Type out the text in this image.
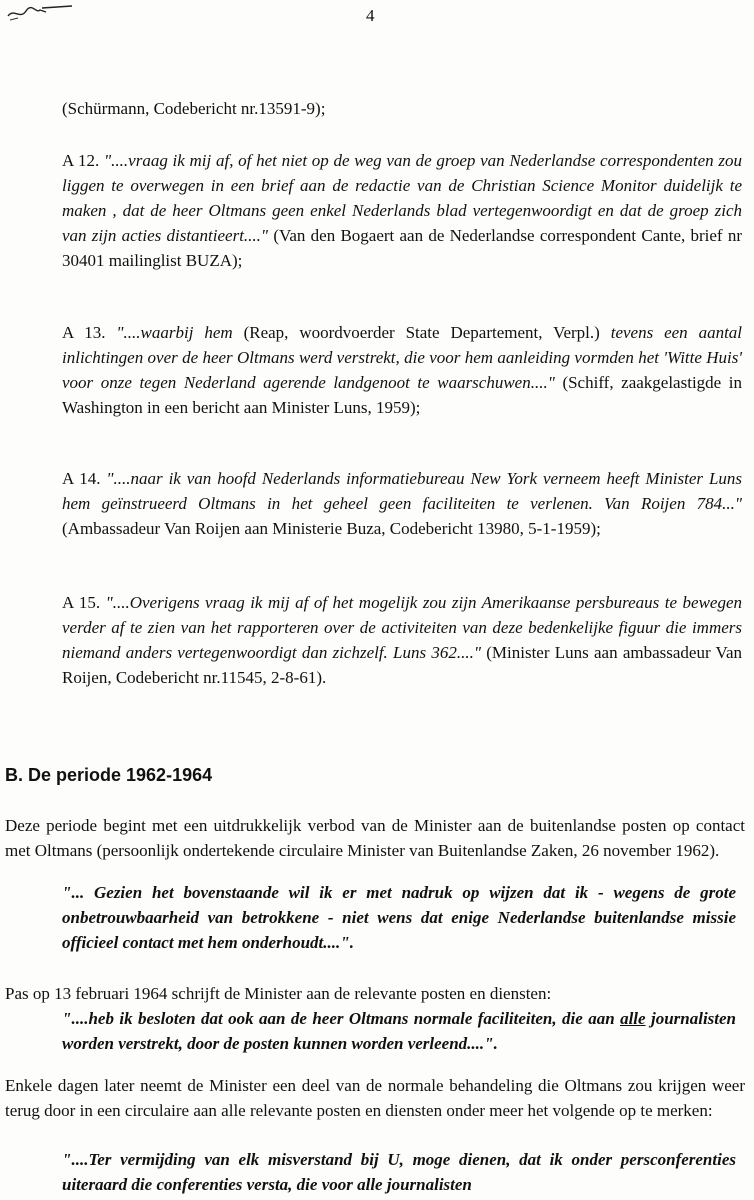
4

(Schürmann, Codebericht nr.13591-9);

A 12. "....vraag ik mij af, of het niet op de weg van de groep van Nederlandse correspondenten zou liggen te overwegen in een brief aan de redactie van de Christian Science Monitor duidelijk te maken , dat de heer Oltmans geen enkel Nederlands blad vertegenwoordigt en dat de groep zich van zijn acties distantieert...." (Van den Bogaert aan de Nederlandse correspondent Cante, brief nr 30401 mailinglist BUZA);

A 13. "....waarbij hem (Reap, woordvoerder State Departement, Verpl.) tevens een aantal inlichtingen over de heer Oltmans werd verstrekt, die voor hem aanleiding vormden het 'Witte Huis' voor onze tegen Nederland agerende landgenoot te waarschuwen...." (Schiff, zaakgelastigde in Washington in een bericht aan Minister Luns, 1959);

A 14. "....naar ik van hoofd Nederlands informatiebureau New York verneem heeft Minister Luns hem geïnstrueerd Oltmans in het geheel geen faciliteiten te verlenen. Van Roijen 784..." (Ambassadeur Van Roijen aan Ministerie Buza, Codebericht 13980, 5-1-1959);

A 15. "....Overigens vraag ik mij af of het mogelijk zou zijn Amerikaanse persbureaus te bewegen verder af te zien van het rapporteren over de activiteiten van deze bedenkelijke figuur die immers niemand anders vertegenwoordigt dan zichzelf. Luns 362...." (Minister Luns aan ambassadeur Van Roijen, Codebericht nr.11545, 2-8-61).

B. De periode 1962-1964

Deze periode begint met een uitdrukkelijk verbod van de Minister aan de buitenlandse posten op contact met Oltmans (persoonlijk ondertekende circulaire Minister van Buitenlandse Zaken, 26 november 1962).

"... Gezien het bovenstaande wil ik er met nadruk op wijzen dat ik - wegens de grote onbetrouwbaarheid van betrokkene - niet wens dat enige Nederlandse buitenlandse missie officieel contact met hem onderhoudt....".

Pas op 13 februari 1964 schrijft de Minister aan de relevante posten en diensten:

"....heb ik besloten dat ook aan de heer Oltmans normale faciliteiten, die aan alle journalisten worden verstrekt, door de posten kunnen worden verleend....".

Enkele dagen later neemt de Minister een deel van de normale behandeling die Oltmans zou krijgen weer terug door in een circulaire aan alle relevante posten en diensten onder meer het volgende op te merken:

"....Ter vermijding van elk misverstand bij U, moge dienen, dat ik onder persconferenties uiteraard die conferenties versta, die voor alle journalisten
